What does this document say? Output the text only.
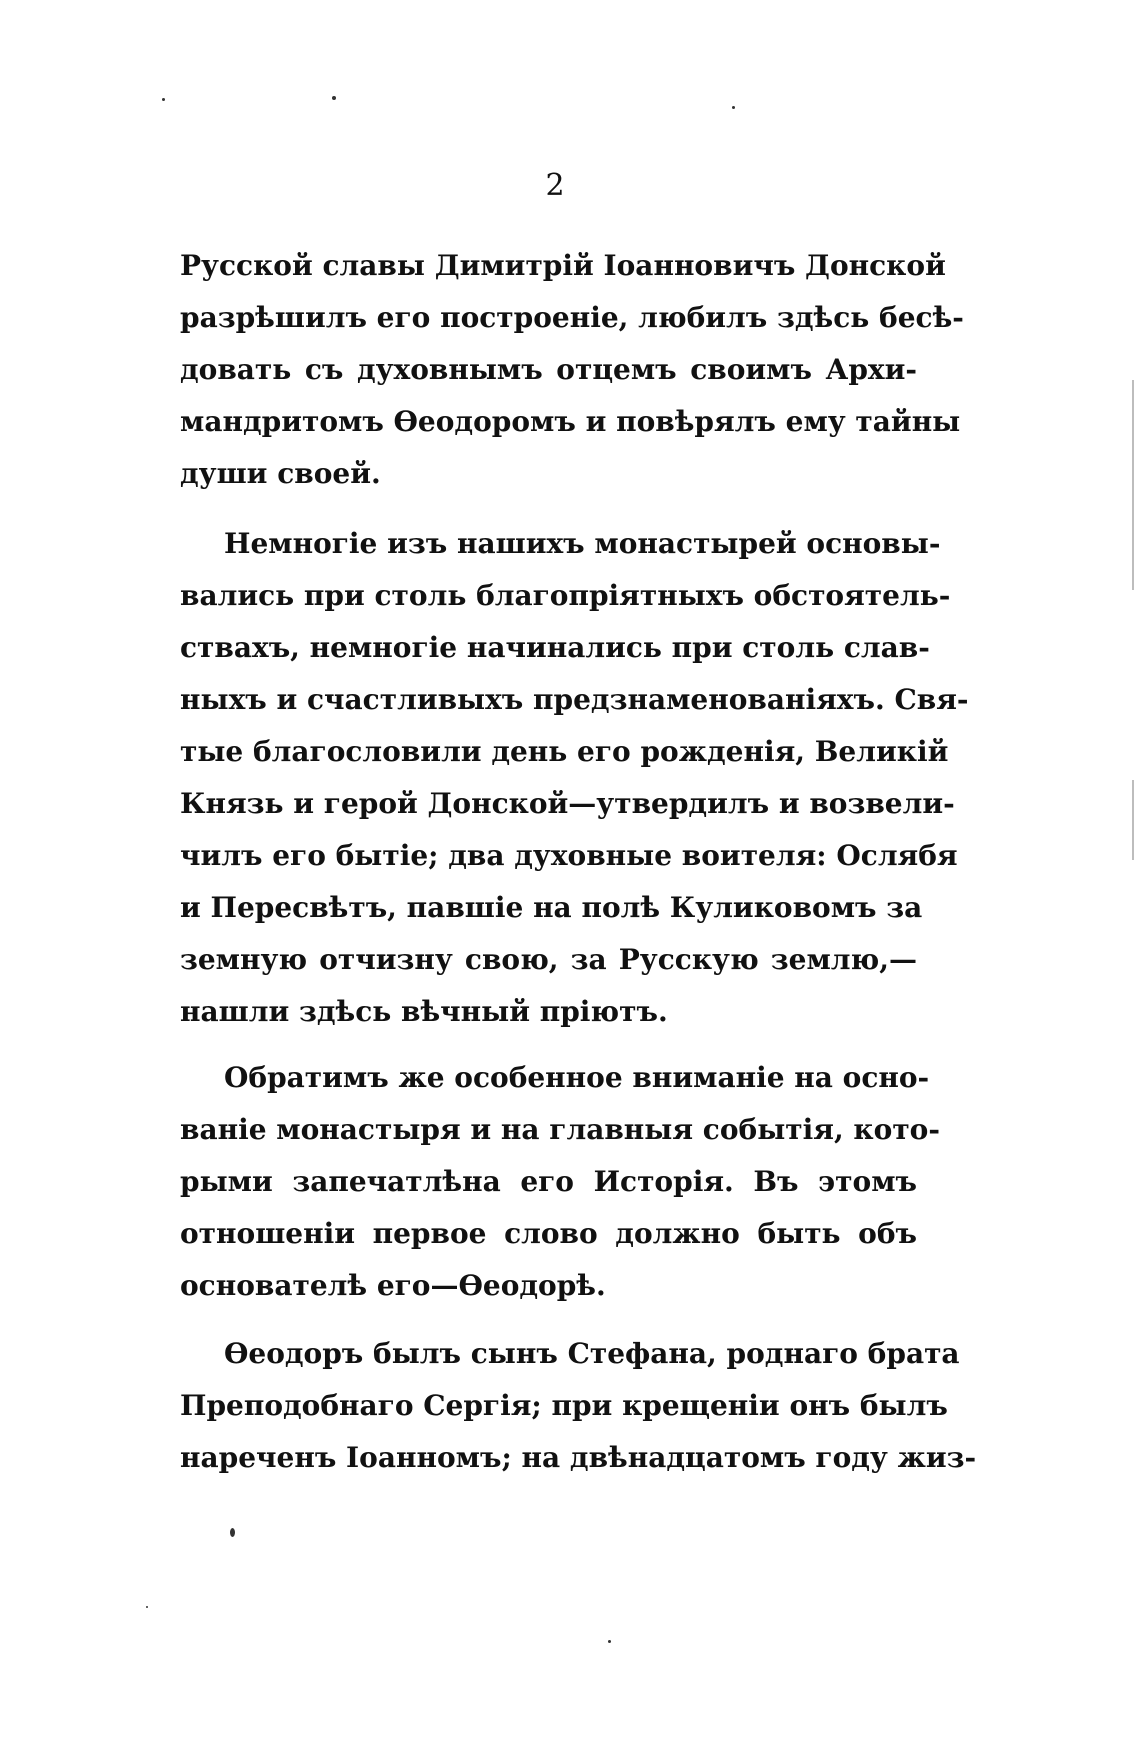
2
Русской славы Димитрій Іоанновичъ Донской
разрѣшилъ его построеніе, любилъ здѣсь бесѣ-
довать съ духовнымъ отцемъ своимъ Архи-
мандритомъ Ѳеодоромъ и повѣрялъ ему тайны
души своей.
Немногіе изъ нашихъ монастырей основы-
вались при столь благопріятныхъ обстоятель-
ствахъ, немногіе начинались при столь слав-
ныхъ и счастливыхъ предзнаменованіяхъ. Свя-
тые благословили день его рожденія, Великій
Князь и герой Донской—утвердилъ и возвели-
чилъ его бытіе; два духовные воителя: Ослябя
и Пересвѣтъ, павшіе на полѣ Куликовомъ за
земную отчизну свою, за Русскую землю,—
нашли здѣсь вѣчный пріютъ.
Обратимъ же особенное вниманіе на осно-
ваніе монастыря и на главныя событія, кото-
рыми запечатлѣна его Исторія. Въ этомъ
отношеніи первое слово должно быть объ
основателѣ его—Ѳеодорѣ.
Ѳеодоръ былъ сынъ Стефана, роднаго брата
Преподобнаго Сергія; при крещеніи онъ былъ
нареченъ Іоанномъ; на двѣнадцатомъ году жиз-
